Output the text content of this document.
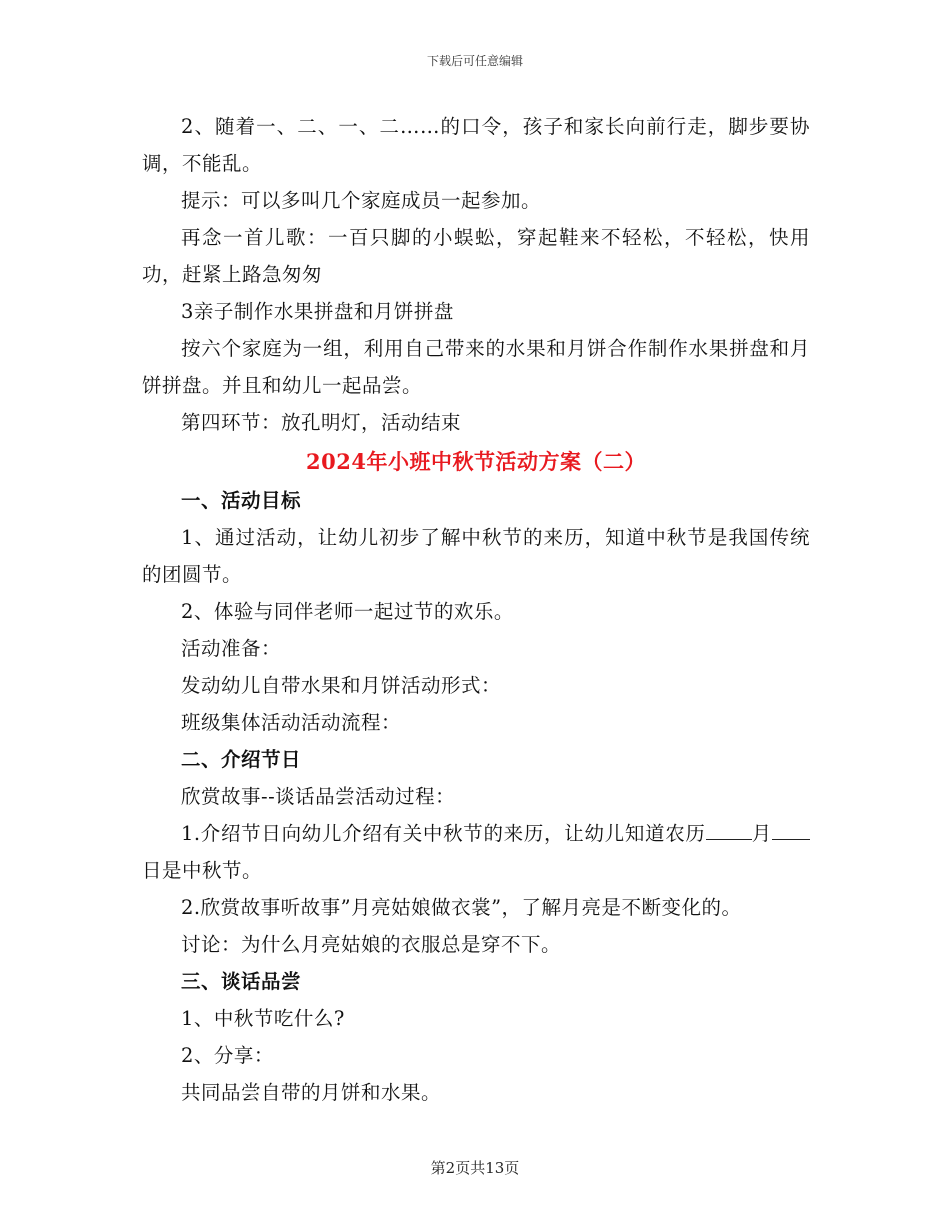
下载后可任意编辑

2、随着一、二、一、二……的口令，孩子和家长向前行走，脚步要协调，不能乱。

提示：可以多叫几个家庭成员一起参加。

再念一首儿歌：一百只脚的小蜈蚣，穿起鞋来不轻松，不轻松，快用功，赶紧上路急匆匆

3亲子制作水果拼盘和月饼拼盘

按六个家庭为一组，利用自己带来的水果和月饼合作制作水果拼盘和月饼拼盘。并且和幼儿一起品尝。

第四环节：放孔明灯，活动结束

2024年小班中秋节活动方案（二）

一、活动目标

1、通过活动，让幼儿初步了解中秋节的来历，知道中秋节是我国传统的团圆节。

2、体验与同伴老师一起过节的欢乐。

活动准备：

发动幼儿自带水果和月饼活动形式：

班级集体活动活动流程：

二、介绍节日

欣赏故事--谈话品尝活动过程：

1.介绍节日向幼儿介绍有关中秋节的来历，让幼儿知道农历 月日是中秋节。

2.欣赏故事听故事”月亮姑娘做衣裳”，了解月亮是不断变化的。

讨论：为什么月亮姑娘的衣服总是穿不下。

三、谈话品尝

1、中秋节吃什么?

2、分享：

共同品尝自带的月饼和水果。

第2页共13页
